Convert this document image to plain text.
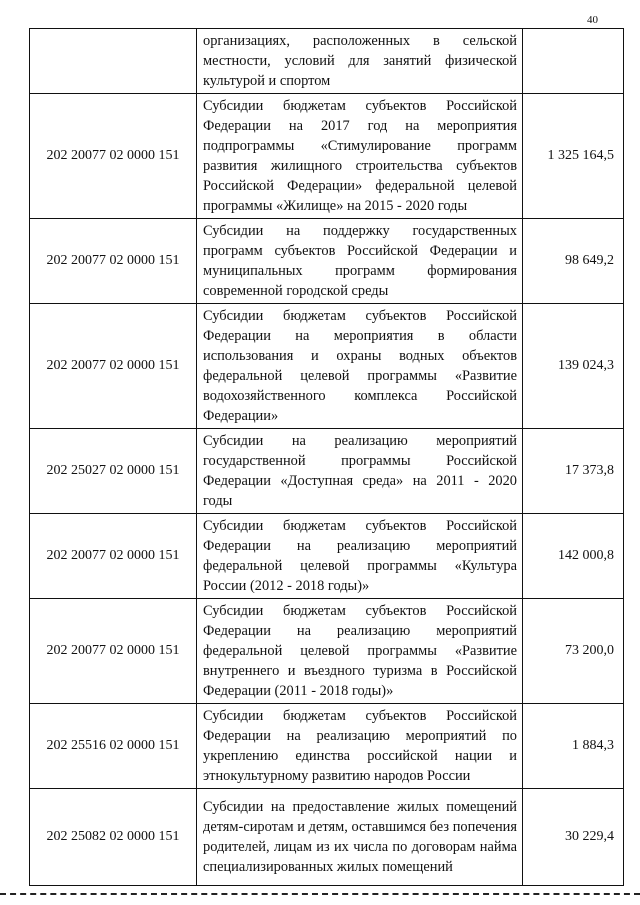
40

	организациях, расположенных в сельской местности, условий для занятий физической
культурой и спортом	

202 20077 02 0000 151	Субсидии бюджетам субъектов Российской Федерации на 2017 год на мероприятия подпрограммы «Стимулирование программ развития жилищного строительства субъектов Российской Федерации» федеральной целевой
программы «Жилище» на 2015 - 2020 годы	1 325 164,5
202 20077 02 0000 151	Субсидии на поддержку государственных программ субъектов Российской Федерации и муниципальных программ формирования
современной городской среды	98 649,2
202 20077 02 0000 151	Субсидии бюджетам субъектов Российской Федерации на мероприятия в области использования и охраны водных объектов федеральной целевой программы «Развитие водохозяйственного комплекса Российской
Федерации»	139 024,3
202 25027 02 0000 151	Субсидии на реализацию мероприятий государственной программы Российской Федерации «Доступная среда» на 2011 - 2020
годы	17 373,8
202 20077 02 0000 151	Субсидии бюджетам субъектов Российской Федерации на реализацию мероприятий федеральной целевой программы «Культура
России (2012 - 2018 годы)»	142 000,8
202 20077 02 0000 151	Субсидии бюджетам субъектов Российской Федерации на реализацию мероприятий федеральной целевой программы «Развитие внутреннего и въездного туризма в Российской
Федерации (2011 - 2018 годы)»	73 200,0
202 25516 02 0000 151	Субсидии бюджетам субъектов Российской Федерации на реализацию мероприятий по укреплению единства российской нации и
этнокультурному развитию народов России	1 884,3
202 25082 02 0000 151	Субсидии на предоставление жилых помещений детям-сиротам и детям, оставшимся без попечения родителей, лицам из их числа по договорам найма
специализированных жилых помещений	30 229,4
